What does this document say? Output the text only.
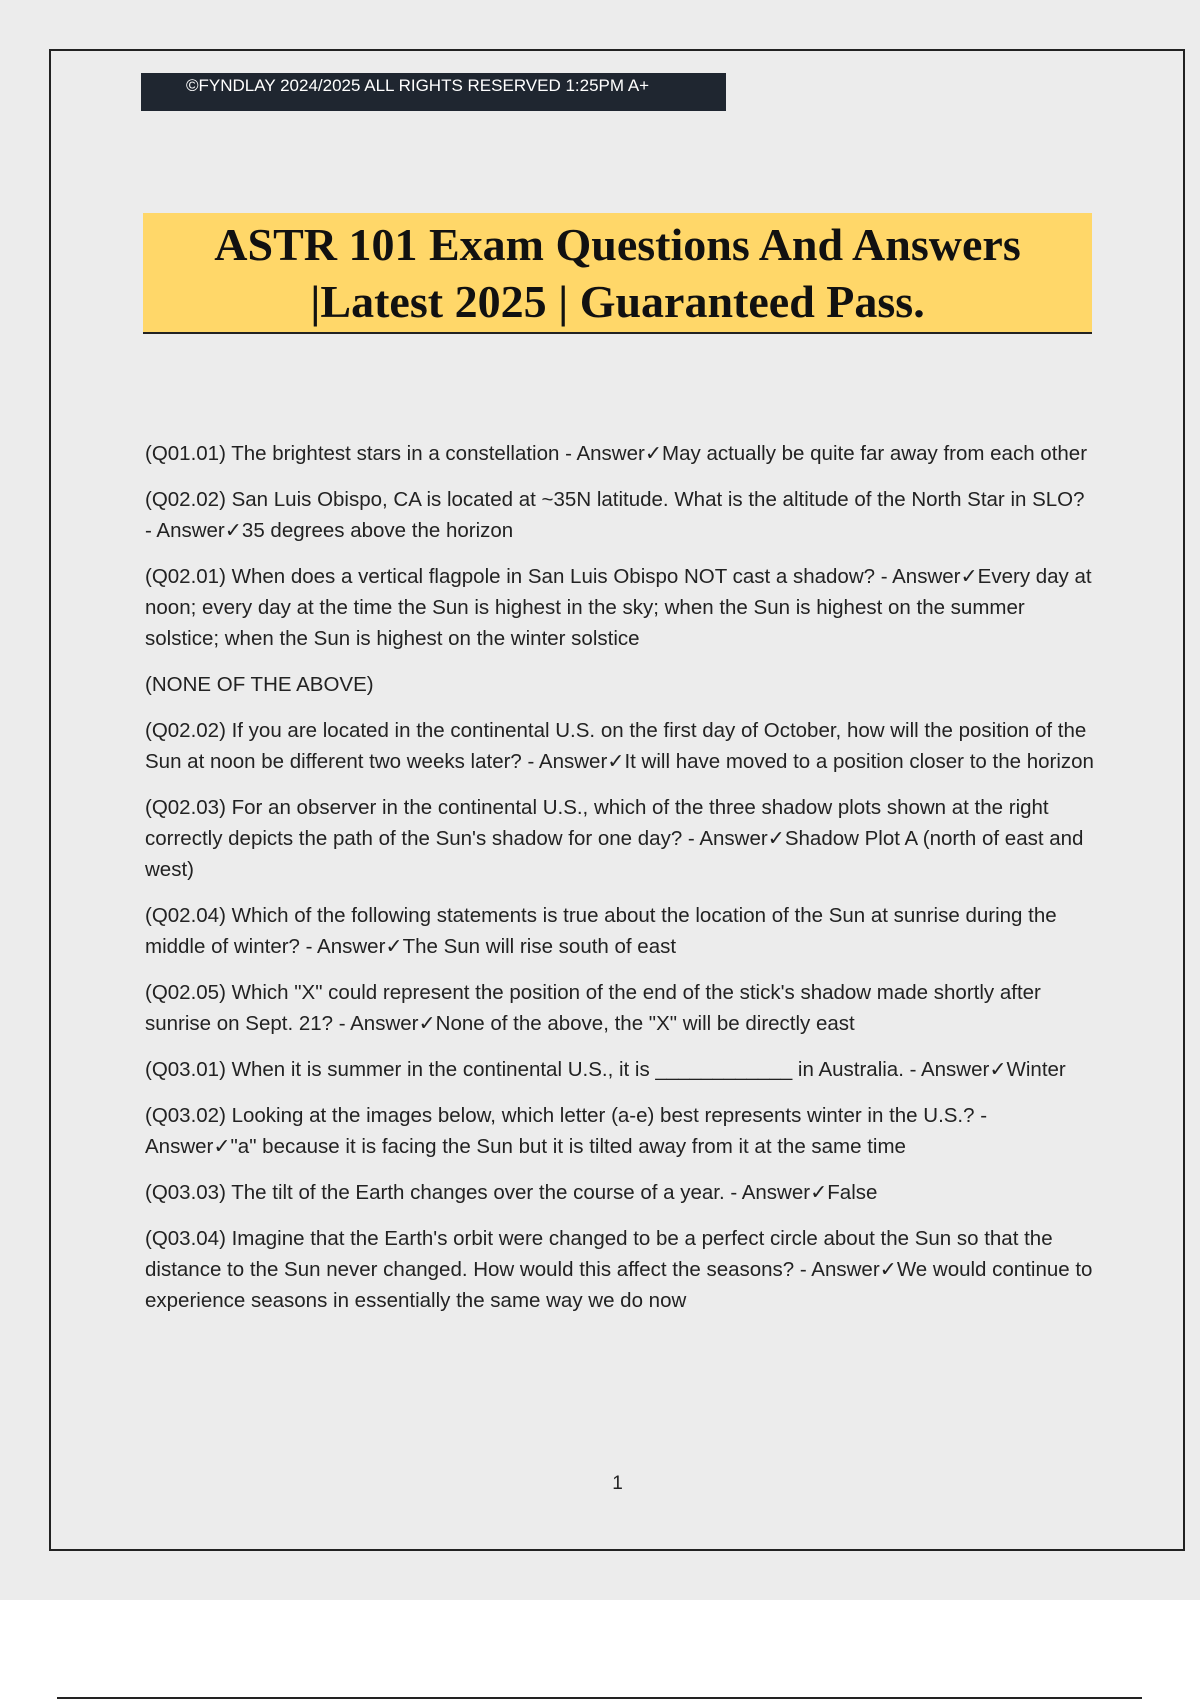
©FYNDLAY 2024/2025 ALL RIGHTS RESERVED 1:25PM A+
ASTR 101 Exam Questions And Answers
|Latest 2025 | Guaranteed Pass.

(Q01.01) The brightest stars in a constellation - Answer✓May actually be quite far away from each other

(Q02.02) San Luis Obispo, CA is located at ~35N latitude. What is the altitude of the North Star in SLO? - Answer✓35 degrees above the horizon

(Q02.01) When does a vertical flagpole in San Luis Obispo NOT cast a shadow? - Answer✓Every day at noon; every day at the time the Sun is highest in the sky; when the Sun is highest on the summer solstice; when the Sun is highest on the winter solstice

(NONE OF THE ABOVE)

(Q02.02) If you are located in the continental U.S. on the first day of October, how will the position of the Sun at noon be different two weeks later? - Answer✓It will have moved to a position closer to the horizon

(Q02.03) For an observer in the continental U.S., which of the three shadow plots shown at the right correctly depicts the path of the Sun's shadow for one day? - Answer✓Shadow Plot A (north of east and west)

(Q02.04) Which of the following statements is true about the location of the Sun at sunrise during the middle of winter? - Answer✓The Sun will rise south of east

(Q02.05) Which "X" could represent the position of the end of the stick's shadow made shortly after sunrise on Sept. 21? - Answer✓None of the above, the "X" will be directly east

(Q03.01) When it is summer in the continental U.S., it is ____________ in Australia. - Answer✓Winter

(Q03.02) Looking at the images below, which letter (a-e) best represents winter in the U.S.? - Answer✓"a" because it is facing the Sun but it is tilted away from it at the same time

(Q03.03) The tilt of the Earth changes over the course of a year. - Answer✓False

(Q03.04) Imagine that the Earth's orbit were changed to be a perfect circle about the Sun so that the distance to the Sun never changed. How would this affect the seasons? - Answer✓We would continue to experience seasons in essentially the same way we do now

1
